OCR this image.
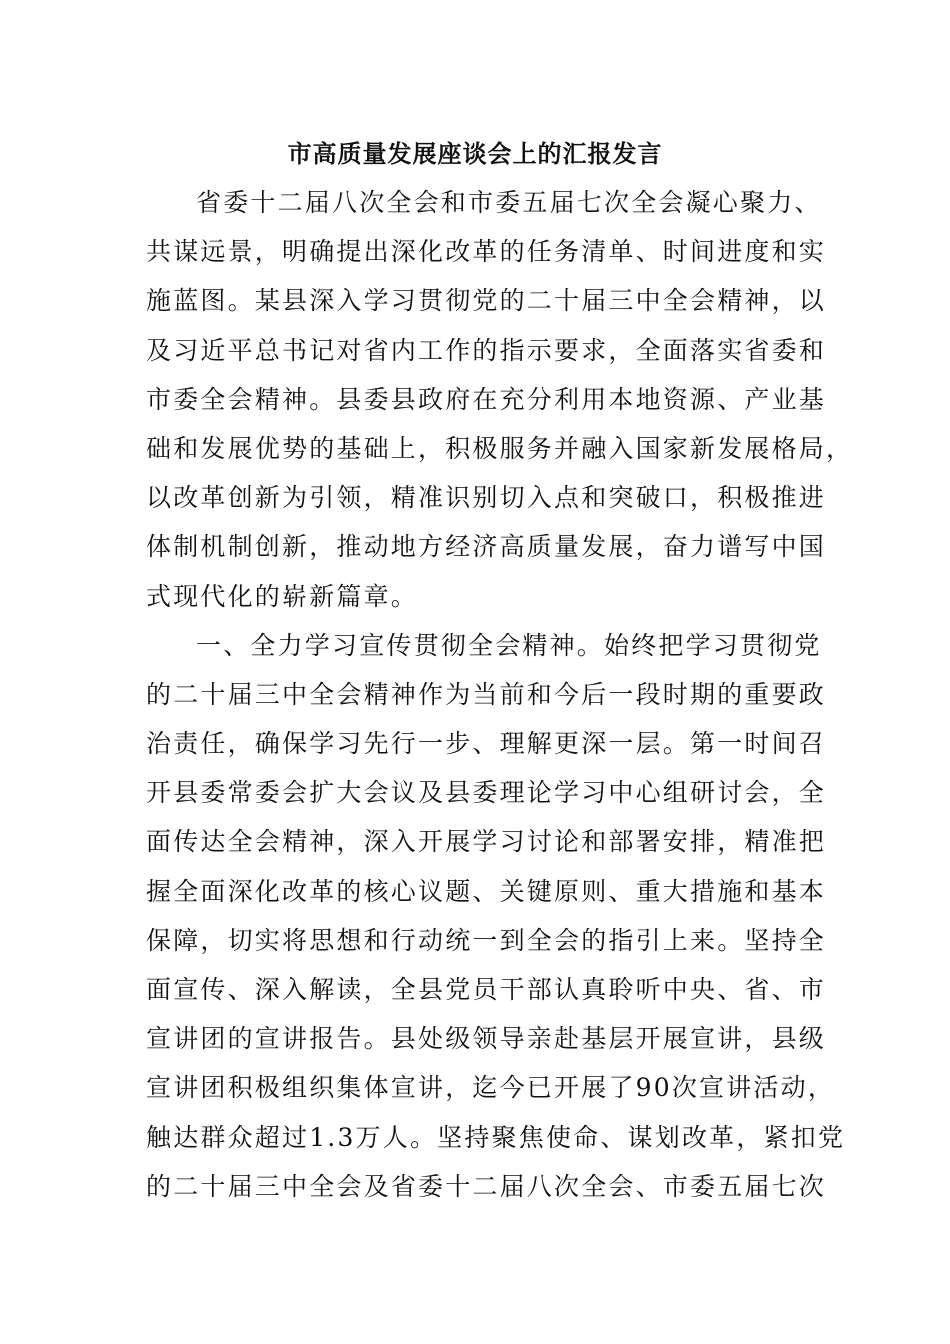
市高质量发展座谈会上的汇报发言
省委十二届八次全会和市委五届七次全会凝心聚力、
共谋远景，明确提出深化改革的任务清单、时间进度和实
施蓝图。某县深入学习贯彻党的二十届三中全会精神，以
及习近平总书记对省内工作的指示要求，全面落实省委和
市委全会精神。县委县政府在充分利用本地资源、产业基
础和发展优势的基础上，积极服务并融入国家新发展格局，
以改革创新为引领，精准识别切入点和突破口，积极推进
体制机制创新，推动地方经济高质量发展，奋力谱写中国
式现代化的崭新篇章。
一、全力学习宣传贯彻全会精神。始终把学习贯彻党
的二十届三中全会精神作为当前和今后一段时期的重要政
治责任，确保学习先行一步、理解更深一层。第一时间召
开县委常委会扩大会议及县委理论学习中心组研讨会，全
面传达全会精神，深入开展学习讨论和部署安排，精准把
握全面深化改革的核心议题、关键原则、重大措施和基本
保障，切实将思想和行动统一到全会的指引上来。坚持全
面宣传、深入解读，全县党员干部认真聆听中央、省、市
宣讲团的宣讲报告。县处级领导亲赴基层开展宣讲，县级
宣讲团积极组织集体宣讲，迄今已开展了90次宣讲活动，
触达群众超过1.3万人。坚持聚焦使命、谋划改革，紧扣党
的二十届三中全会及省委十二届八次全会、市委五届七次
